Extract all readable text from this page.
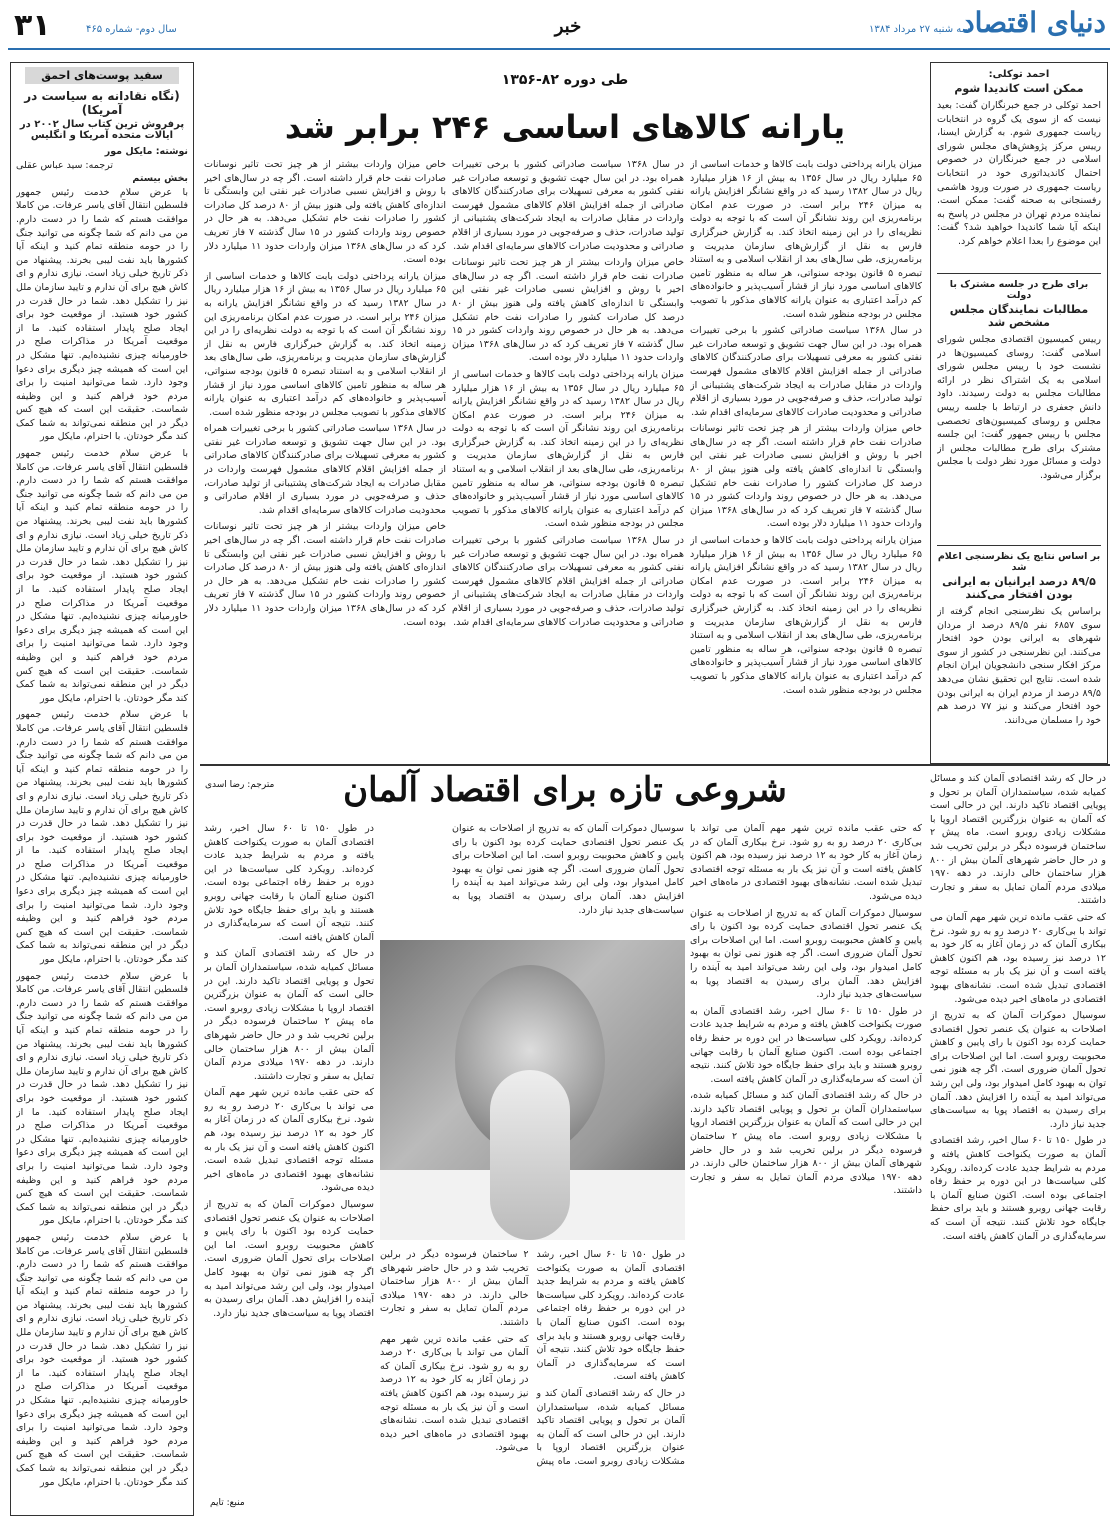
۳۱	سال دوم- شماره ۴۶۵	خبر	سه شنبه ۲۷ مرداد ۱۳۸۴
دنیای اقتصاد
احمد توکلی:
ممکن است کاندیدا شوم

احمد توکلی در جمع خبرنگاران گفت: بعید نیست که از سوی یک گروه در انتخابات ریاست جمهوری شوم. به گزارش ایسنا، رییس مرکز پژوهش‌های مجلس شورای اسلامی در جمع خبرنگاران در خصوص احتمال کاندیداتوری خود در انتخابات ریاست جمهوری در صورت ورود هاشمی رفسنجانی به صحنه گفت: ممکن است. نماینده مردم تهران در مجلس در پاسخ به اینکه آیا شما کاندیدا خواهید شد؟ گفت: این موضوع را بعدا اعلام خواهم کرد.

برای طرح در جلسه مشترک با دولت
مطالبات نمایندگان مجلس مشخص شد

رییس کمیسیون اقتصادی مجلس شورای اسلامی گفت: روسای کمیسیون‌ها در نشست خود با رییس مجلس شورای اسلامی به یک اشتراک نظر در ارائه مطالبات مجلس به دولت رسیدند. داود دانش جعفری در ارتباط با جلسه رییس مجلس و روسای کمیسیون‌های تخصصی مجلس با رییس جمهور گفت: این جلسه مشترک برای طرح مطالبات مجلس از دولت و مسائل مورد نظر دولت با مجلس برگزار می‌شود.

بر اساس نتایج یک نظرسنجی اعلام شد
۸۹/۵ درصد ایرانیان به ایرانی بودن افتخار می‌کنند

براساس یک نظرسنجی انجام گرفته از سوی ۶۸۵۷ نفر ۸۹/۵ درصد از مردان شهرهای به ایرانی بودن خود افتخار می‌کنند. این نظرسنجی در کشور از سوی مرکز افکار سنجی دانشجویان ایران انجام شده است. نتایج این تحقیق نشان می‌دهد ۸۹/۵ درصد از مردم ایران به ایرانی بودن خود افتخار می‌کنند و نیز ۷۷ درصد هم خود را مسلمان می‌دانند.

سفید پوست‌های احمق
(نگاه نقادانه به سیاست در آمریکا)
پرفروش ترین کتاب سال ۲۰۰۲ در ایالات متحده آمریکا و انگلیس
نوشته: مایکل مور
ترجمه: سید عباس عقلی
بخش بیستم

با عرض سلام خدمت رئیس جمهور فلسطین انتقال آقای یاسر عرفات. من کاملا موافقت هستم که شما را در دست دارم. من می دانم که شما چگونه می توانید جنگ را در حومه منطقه تمام کنید و اینکه آیا کشورها باید نفت لیبی بخرند. پیشنهاد من ذکر تاریخ خیلی زیاد است. نیازی ندارم و ای کاش هیچ برای آن ندارم و تایید سازمان ملل نیز را تشکیل دهد. شما در حال قدرت در کشور خود هستید. از موقعیت خود برای ایجاد صلح پایدار استفاده کنید. ما از موقعیت آمریکا در مذاکرات صلح در خاورمیانه چیزی نشنیده‌ایم. تنها مشکل در این است که همیشه چیز دیگری برای دعوا وجود دارد. شما می‌توانید امنیت را برای مردم خود فراهم کنید و این وظیفه شماست. حقیقت این است که هیچ کس دیگر در این منطقه نمی‌تواند به شما کمک کند مگر خودتان. با احترام، مایکل مور

با عرض سلام خدمت رئیس جمهور فلسطین انتقال آقای یاسر عرفات. من کاملا موافقت هستم که شما را در دست دارم. من می دانم که شما چگونه می توانید جنگ را در حومه منطقه تمام کنید و اینکه آیا کشورها باید نفت لیبی بخرند. پیشنهاد من ذکر تاریخ خیلی زیاد است. نیازی ندارم و ای کاش هیچ برای آن ندارم و تایید سازمان ملل نیز را تشکیل دهد. شما در حال قدرت در کشور خود هستید. از موقعیت خود برای ایجاد صلح پایدار استفاده کنید. ما از موقعیت آمریکا در مذاکرات صلح در خاورمیانه چیزی نشنیده‌ایم. تنها مشکل در این است که همیشه چیز دیگری برای دعوا وجود دارد. شما می‌توانید امنیت را برای مردم خود فراهم کنید و این وظیفه شماست. حقیقت این است که هیچ کس دیگر در این منطقه نمی‌تواند به شما کمک کند مگر خودتان. با احترام، مایکل مور

با عرض سلام خدمت رئیس جمهور فلسطین انتقال آقای یاسر عرفات. من کاملا موافقت هستم که شما را در دست دارم. من می دانم که شما چگونه می توانید جنگ را در حومه منطقه تمام کنید و اینکه آیا کشورها باید نفت لیبی بخرند. پیشنهاد من ذکر تاریخ خیلی زیاد است. نیازی ندارم و ای کاش هیچ برای آن ندارم و تایید سازمان ملل نیز را تشکیل دهد. شما در حال قدرت در کشور خود هستید. از موقعیت خود برای ایجاد صلح پایدار استفاده کنید. ما از موقعیت آمریکا در مذاکرات صلح در خاورمیانه چیزی نشنیده‌ایم. تنها مشکل در این است که همیشه چیز دیگری برای دعوا وجود دارد. شما می‌توانید امنیت را برای مردم خود فراهم کنید و این وظیفه شماست. حقیقت این است که هیچ کس دیگر در این منطقه نمی‌تواند به شما کمک کند مگر خودتان. با احترام، مایکل مور

با عرض سلام خدمت رئیس جمهور فلسطین انتقال آقای یاسر عرفات. من کاملا موافقت هستم که شما را در دست دارم. من می دانم که شما چگونه می توانید جنگ را در حومه منطقه تمام کنید و اینکه آیا کشورها باید نفت لیبی بخرند. پیشنهاد من ذکر تاریخ خیلی زیاد است. نیازی ندارم و ای کاش هیچ برای آن ندارم و تایید سازمان ملل نیز را تشکیل دهد. شما در حال قدرت در کشور خود هستید. از موقعیت خود برای ایجاد صلح پایدار استفاده کنید. ما از موقعیت آمریکا در مذاکرات صلح در خاورمیانه چیزی نشنیده‌ایم. تنها مشکل در این است که همیشه چیز دیگری برای دعوا وجود دارد. شما می‌توانید امنیت را برای مردم خود فراهم کنید و این وظیفه شماست. حقیقت این است که هیچ کس دیگر در این منطقه نمی‌تواند به شما کمک کند مگر خودتان. با احترام، مایکل مور

با عرض سلام خدمت رئیس جمهور فلسطین انتقال آقای یاسر عرفات. من کاملا موافقت هستم که شما را در دست دارم. من می دانم که شما چگونه می توانید جنگ را در حومه منطقه تمام کنید و اینکه آیا کشورها باید نفت لیبی بخرند. پیشنهاد من ذکر تاریخ خیلی زیاد است. نیازی ندارم و ای کاش هیچ برای آن ندارم و تایید سازمان ملل نیز را تشکیل دهد. شما در حال قدرت در کشور خود هستید. از موقعیت خود برای ایجاد صلح پایدار استفاده کنید. ما از موقعیت آمریکا در مذاکرات صلح در خاورمیانه چیزی نشنیده‌ایم. تنها مشکل در این است که همیشه چیز دیگری برای دعوا وجود دارد. شما می‌توانید امنیت را برای مردم خود فراهم کنید و این وظیفه شماست. حقیقت این است که هیچ کس دیگر در این منطقه نمی‌تواند به شما کمک کند مگر خودتان. با احترام، مایکل مور

طی دوره ۸۲-۱۳۵۶
یارانه کالاهای اساسی ۲۴۶ برابر شد

میزان یارانه پرداختی دولت بابت کالاها و خدمات اساسی از ۶۵ میلیارد ریال در سال ۱۳۵۶ به بیش از ۱۶ هزار میلیارد ریال در سال ۱۳۸۲ رسید که در واقع نشانگر افزایش یارانه به میزان ۲۴۶ برابر است. در صورت عدم امکان برنامه‌ریزی این روند نشانگر آن است که با توجه به دولت نظریه‌ای را در این زمینه اتخاذ کند. به گزارش خبرگزاری فارس به نقل از گزارش‌های سازمان مدیریت و برنامه‌ریزی، طی سال‌های بعد از انقلاب اسلامی و به استناد تبصره ۵ قانون بودجه سنواتی، هر ساله به منظور تامین کالاهای اساسی مورد نیاز از قشار آسیب‌پذیر و خانواده‌های کم درآمد اعتباری به عنوان یارانه کالاهای مذکور با تصویب مجلس در بودجه منظور شده است.

در سال ۱۳۶۸ سیاست صادراتی کشور با برخی تغییرات همراه بود. در این سال جهت تشویق و توسعه صادرات غیر نفتی کشور به معرفی تسهیلات برای صادرکنندگان کالاهای صادراتی از جمله افزایش اقلام کالاهای مشمول فهرست واردات در مقابل صادرات به ایجاد شرکت‌های پشتیبانی از تولید صادرات، حذف و صرفه‌جویی در مورد بسیاری از اقلام صادراتی و محدودیت صادرات کالاهای سرمایه‌ای اقدام شد.

خاص میزان واردات بیشتر از هر چیز تحت تاثیر نوسانات صادرات نفت خام قرار داشته است. اگر چه در سال‌های اخیر با روش و افزایش نسبی صادرات غیر نفتی این وابستگی تا اندازه‌ای کاهش یافته ولی هنوز بیش از ۸۰ درصد کل صادرات کشور را صادرات نفت خام تشکیل می‌دهد. به هر حال در خصوص روند واردات کشور در ۱۵ سال گذشته ۷ فاز تعریف کرد که در سال‌های ۱۳۶۸ میزان واردات حدود ۱۱ میلیارد دلار بوده است.

میزان یارانه پرداختی دولت بابت کالاها و خدمات اساسی از ۶۵ میلیارد ریال در سال ۱۳۵۶ به بیش از ۱۶ هزار میلیارد ریال در سال ۱۳۸۲ رسید که در واقع نشانگر افزایش یارانه به میزان ۲۴۶ برابر است. در صورت عدم امکان برنامه‌ریزی این روند نشانگر آن است که با توجه به دولت نظریه‌ای را در این زمینه اتخاذ کند. به گزارش خبرگزاری فارس به نقل از گزارش‌های سازمان مدیریت و برنامه‌ریزی، طی سال‌های بعد از انقلاب اسلامی و به استناد تبصره ۵ قانون بودجه سنواتی، هر ساله به منظور تامین کالاهای اساسی مورد نیاز از قشار آسیب‌پذیر و خانواده‌های کم درآمد اعتباری به عنوان یارانه کالاهای مذکور با تصویب مجلس در بودجه منظور شده است.

در سال ۱۳۶۸ سیاست صادراتی کشور با برخی تغییرات همراه بود. در این سال جهت تشویق و توسعه صادرات غیر نفتی کشور به معرفی تسهیلات برای صادرکنندگان کالاهای صادراتی از جمله افزایش اقلام کالاهای مشمول فهرست واردات در مقابل صادرات به ایجاد شرکت‌های پشتیبانی از تولید صادرات، حذف و صرفه‌جویی در مورد بسیاری از اقلام صادراتی و محدودیت صادرات کالاهای سرمایه‌ای اقدام شد.

خاص میزان واردات بیشتر از هر چیز تحت تاثیر نوسانات صادرات نفت خام قرار داشته است. اگر چه در سال‌های اخیر با روش و افزایش نسبی صادرات غیر نفتی این وابستگی تا اندازه‌ای کاهش یافته ولی هنوز بیش از ۸۰ درصد کل صادرات کشور را صادرات نفت خام تشکیل می‌دهد. به هر حال در خصوص روند واردات کشور در ۱۵ سال گذشته ۷ فاز تعریف کرد که در سال‌های ۱۳۶۸ میزان واردات حدود ۱۱ میلیارد دلار بوده است.

میزان یارانه پرداختی دولت بابت کالاها و خدمات اساسی از ۶۵ میلیارد ریال در سال ۱۳۵۶ به بیش از ۱۶ هزار میلیارد ریال در سال ۱۳۸۲ رسید که در واقع نشانگر افزایش یارانه به میزان ۲۴۶ برابر است. در صورت عدم امکان برنامه‌ریزی این روند نشانگر آن است که با توجه به دولت نظریه‌ای را در این زمینه اتخاذ کند. به گزارش خبرگزاری فارس به نقل از گزارش‌های سازمان مدیریت و برنامه‌ریزی، طی سال‌های بعد از انقلاب اسلامی و به استناد تبصره ۵ قانون بودجه سنواتی، هر ساله به منظور تامین کالاهای اساسی مورد نیاز از قشار آسیب‌پذیر و خانواده‌های کم درآمد اعتباری به عنوان یارانه کالاهای مذکور با تصویب مجلس در بودجه منظور شده است.

در سال ۱۳۶۸ سیاست صادراتی کشور با برخی تغییرات همراه بود. در این سال جهت تشویق و توسعه صادرات غیر نفتی کشور به معرفی تسهیلات برای صادرکنندگان کالاهای صادراتی از جمله افزایش اقلام کالاهای مشمول فهرست واردات در مقابل صادرات به ایجاد شرکت‌های پشتیبانی از تولید صادرات، حذف و صرفه‌جویی در مورد بسیاری از اقلام صادراتی و محدودیت صادرات کالاهای سرمایه‌ای اقدام شد.

خاص میزان واردات بیشتر از هر چیز تحت تاثیر نوسانات صادرات نفت خام قرار داشته است. اگر چه در سال‌های اخیر با روش و افزایش نسبی صادرات غیر نفتی این وابستگی تا اندازه‌ای کاهش یافته ولی هنوز بیش از ۸۰ درصد کل صادرات کشور را صادرات نفت خام تشکیل می‌دهد. به هر حال در خصوص روند واردات کشور در ۱۵ سال گذشته ۷ فاز تعریف کرد که در سال‌های ۱۳۶۸ میزان واردات حدود ۱۱ میلیارد دلار بوده است.

میزان یارانه پرداختی دولت بابت کالاها و خدمات اساسی از ۶۵ میلیارد ریال در سال ۱۳۵۶ به بیش از ۱۶ هزار میلیارد ریال در سال ۱۳۸۲ رسید که در واقع نشانگر افزایش یارانه به میزان ۲۴۶ برابر است. در صورت عدم امکان برنامه‌ریزی این روند نشانگر آن است که با توجه به دولت نظریه‌ای را در این زمینه اتخاذ کند. به گزارش خبرگزاری فارس به نقل از گزارش‌های سازمان مدیریت و برنامه‌ریزی، طی سال‌های بعد از انقلاب اسلامی و به استناد تبصره ۵ قانون بودجه سنواتی، هر ساله به منظور تامین کالاهای اساسی مورد نیاز از قشار آسیب‌پذیر و خانواده‌های کم درآمد اعتباری به عنوان یارانه کالاهای مذکور با تصویب مجلس در بودجه منظور شده است.

در سال ۱۳۶۸ سیاست صادراتی کشور با برخی تغییرات همراه بود. در این سال جهت تشویق و توسعه صادرات غیر نفتی کشور به معرفی تسهیلات برای صادرکنندگان کالاهای صادراتی از جمله افزایش اقلام کالاهای مشمول فهرست واردات در مقابل صادرات به ایجاد شرکت‌های پشتیبانی از تولید صادرات، حذف و صرفه‌جویی در مورد بسیاری از اقلام صادراتی و محدودیت صادرات کالاهای سرمایه‌ای اقدام شد.

خاص میزان واردات بیشتر از هر چیز تحت تاثیر نوسانات صادرات نفت خام قرار داشته است. اگر چه در سال‌های اخیر با روش و افزایش نسبی صادرات غیر نفتی این وابستگی تا اندازه‌ای کاهش یافته ولی هنوز بیش از ۸۰ درصد کل صادرات کشور را صادرات نفت خام تشکیل می‌دهد. به هر حال در خصوص روند واردات کشور در ۱۵ سال گذشته ۷ فاز تعریف کرد که در سال‌های ۱۳۶۸ میزان واردات حدود ۱۱ میلیارد دلار بوده است.

شروعی تازه برای اقتصاد آلمان
مترجم: رضا اسدی

در حال که رشد اقتصادی آلمان کند و مسائل کمیابه شده، سیاستمداران آلمان بر تحول و پویایی اقتصاد تاکید دارند. این در حالی است که آلمان به عنوان بزرگترین اقتصاد اروپا با مشکلات زیادی روبرو است. ماه پیش ۲ ساختمان فرسوده دیگر در برلین تخریب شد و در حال حاضر شهرهای آلمان بیش از ۸۰۰ هزار ساختمان خالی دارند. در دهه ۱۹۷۰ میلادی مردم آلمان تمایل به سفر و تجارت داشتند.

که حتی عقب مانده ترین شهر مهم آلمان می تواند با بی‌کاری ۲۰ درصد رو به رو شود. نرخ بیکاری آلمان که در زمان آغاز به کار خود به ۱۲ درصد نیز رسیده بود، هم اکنون کاهش یافته است و آن نیز یک بار به مسئله توجه اقتصادی تبدیل شده است. نشانه‌های بهبود اقتصادی در ماه‌های اخیر دیده می‌شود.

سوسیال دموکرات آلمان که به تدریج از اصلاحات به عنوان یک عنصر تحول اقتصادی حمایت کرده بود اکنون با رای پایین و کاهش محبوبیت روبرو است. اما این اصلاحات برای تحول آلمان ضروری است. اگر چه هنوز نمی توان به بهبود کامل امیدوار بود، ولی این رشد می‌تواند امید به آینده را افزایش دهد. آلمان برای رسیدن به اقتصاد پویا به سیاست‌های جدید نیاز دارد.

در طول ۱۵۰ تا ۶۰ سال اخیر، رشد اقتصادی آلمان به صورت یکنواخت کاهش یافته و مردم به شرایط جدید عادت کرده‌اند. رویکرد کلی سیاست‌ها در این دوره بر حفظ رفاه اجتماعی بوده است. اکنون صنایع آلمان با رقابت جهانی روبرو هستند و باید برای حفظ جایگاه خود تلاش کنند. نتیجه آن است که سرمایه‌گذاری در آلمان کاهش یافته است.

که حتی عقب مانده ترین شهر مهم آلمان می تواند با بی‌کاری ۲۰ درصد رو به رو شود. نرخ بیکاری آلمان که در زمان آغاز به کار خود به ۱۲ درصد نیز رسیده بود، هم اکنون کاهش یافته است و آن نیز یک بار به مسئله توجه اقتصادی تبدیل شده است. نشانه‌های بهبود اقتصادی در ماه‌های اخیر دیده می‌شود.

سوسیال دموکرات آلمان که به تدریج از اصلاحات به عنوان یک عنصر تحول اقتصادی حمایت کرده بود اکنون با رای پایین و کاهش محبوبیت روبرو است. اما این اصلاحات برای تحول آلمان ضروری است. اگر چه هنوز نمی توان به بهبود کامل امیدوار بود، ولی این رشد می‌تواند امید به آینده را افزایش دهد. آلمان برای رسیدن به اقتصاد پویا به سیاست‌های جدید نیاز دارد.

در طول ۱۵۰ تا ۶۰ سال اخیر، رشد اقتصادی آلمان به صورت یکنواخت کاهش یافته و مردم به شرایط جدید عادت کرده‌اند. رویکرد کلی سیاست‌ها در این دوره بر حفظ رفاه اجتماعی بوده است. اکنون صنایع آلمان با رقابت جهانی روبرو هستند و باید برای حفظ جایگاه خود تلاش کنند. نتیجه آن است که سرمایه‌گذاری در آلمان کاهش یافته است.

در حال که رشد اقتصادی آلمان کند و مسائل کمیابه شده، سیاستمداران آلمان بر تحول و پویایی اقتصاد تاکید دارند. این در حالی است که آلمان به عنوان بزرگترین اقتصاد اروپا با مشکلات زیادی روبرو است. ماه پیش ۲ ساختمان فرسوده دیگر در برلین تخریب شد و در حال حاضر شهرهای آلمان بیش از ۸۰۰ هزار ساختمان خالی دارند. در دهه ۱۹۷۰ میلادی مردم آلمان تمایل به سفر و تجارت داشتند.

سوسیال دموکرات آلمان که به تدریج از اصلاحات به عنوان یک عنصر تحول اقتصادی حمایت کرده بود اکنون با رای پایین و کاهش محبوبیت روبرو است. اما این اصلاحات برای تحول آلمان ضروری است. اگر چه هنوز نمی توان به بهبود کامل امیدوار بود، ولی این رشد می‌تواند امید به آینده را افزایش دهد. آلمان برای رسیدن به اقتصاد پویا به سیاست‌های جدید نیاز دارد.

در طول ۱۵۰ تا ۶۰ سال اخیر، رشد اقتصادی آلمان به صورت یکنواخت کاهش یافته و مردم به شرایط جدید عادت کرده‌اند. رویکرد کلی سیاست‌ها در این دوره بر حفظ رفاه اجتماعی بوده است. اکنون صنایع آلمان با رقابت جهانی روبرو هستند و باید برای حفظ جایگاه خود تلاش کنند. نتیجه آن است که سرمایه‌گذاری در آلمان کاهش یافته است.

در حال که رشد اقتصادی آلمان کند و مسائل کمیابه شده، سیاستمداران آلمان بر تحول و پویایی اقتصاد تاکید دارند. این در حالی است که آلمان به عنوان بزرگترین اقتصاد اروپا با مشکلات زیادی روبرو است. ماه پیش ۲ ساختمان فرسوده دیگر در برلین تخریب شد و در حال حاضر شهرهای آلمان بیش از ۸۰۰ هزار ساختمان خالی دارند. در دهه ۱۹۷۰ میلادی مردم آلمان تمایل به سفر و تجارت داشتند.

که حتی عقب مانده ترین شهر مهم آلمان می تواند با بی‌کاری ۲۰ درصد رو به رو شود. نرخ بیکاری آلمان که در زمان آغاز به کار خود به ۱۲ درصد نیز رسیده بود، هم اکنون کاهش یافته است و آن نیز یک بار به مسئله توجه اقتصادی تبدیل شده است. نشانه‌های بهبود اقتصادی در ماه‌های اخیر دیده می‌شود.

سوسیال دموکرات آلمان که به تدریج از اصلاحات به عنوان یک عنصر تحول اقتصادی حمایت کرده بود اکنون با رای پایین و کاهش محبوبیت روبرو است. اما این اصلاحات برای تحول آلمان ضروری است. اگر چه هنوز نمی توان به بهبود کامل امیدوار بود، ولی این رشد می‌تواند امید به آینده را افزایش دهد. آلمان برای رسیدن به اقتصاد پویا به سیاست‌های جدید نیاز دارد.

در طول ۱۵۰ تا ۶۰ سال اخیر، رشد اقتصادی آلمان به صورت یکنواخت کاهش یافته و مردم به شرایط جدید عادت کرده‌اند. رویکرد کلی سیاست‌ها در این دوره بر حفظ رفاه اجتماعی بوده است. اکنون صنایع آلمان با رقابت جهانی روبرو هستند و باید برای حفظ جایگاه خود تلاش کنند. نتیجه آن است که سرمایه‌گذاری در آلمان کاهش یافته است.

در حال که رشد اقتصادی آلمان کند و مسائل کمیابه شده، سیاستمداران آلمان بر تحول و پویایی اقتصاد تاکید دارند. این در حالی است که آلمان به عنوان بزرگترین اقتصاد اروپا با مشکلات زیادی روبرو است. ماه پیش ۲ ساختمان فرسوده دیگر در برلین تخریب شد و در حال حاضر شهرهای آلمان بیش از ۸۰۰ هزار ساختمان خالی دارند. در دهه ۱۹۷۰ میلادی مردم آلمان تمایل به سفر و تجارت داشتند.

که حتی عقب مانده ترین شهر مهم آلمان می تواند با بی‌کاری ۲۰ درصد رو به رو شود. نرخ بیکاری آلمان که در زمان آغاز به کار خود به ۱۲ درصد نیز رسیده بود، هم اکنون کاهش یافته است و آن نیز یک بار به مسئله توجه اقتصادی تبدیل شده است. نشانه‌های بهبود اقتصادی در ماه‌های اخیر دیده می‌شود.

منبع: تایم
